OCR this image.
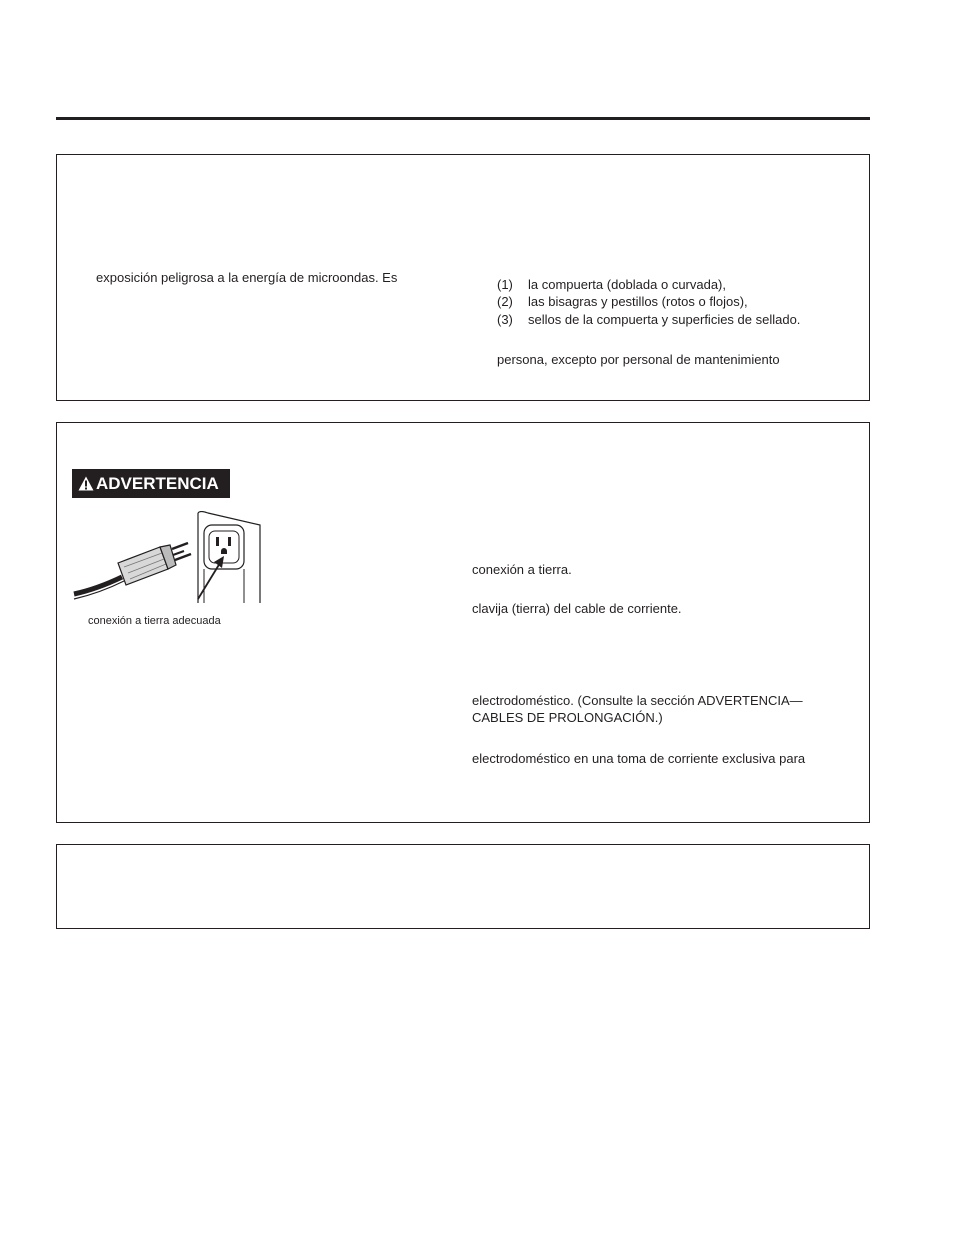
exposición peligrosa a la energía de microondas. Es	(1) la compuerta (doblada o curvada),
(2) las bisagras y pestillos (rotos o flojos),
(3) sellos de la compuerta y superficies de sellado.
persona, excepto por personal de mantenimiento
ADVERTENCIA
conexión a tierra adecuada
conexión a tierra.
clavija (tierra) del cable de corriente.
electrodoméstico. (Consulte la sección ADVERTENCIA—
CABLES DE PROLONGACIÓN.)
electrodoméstico en una toma de corriente exclusiva para
